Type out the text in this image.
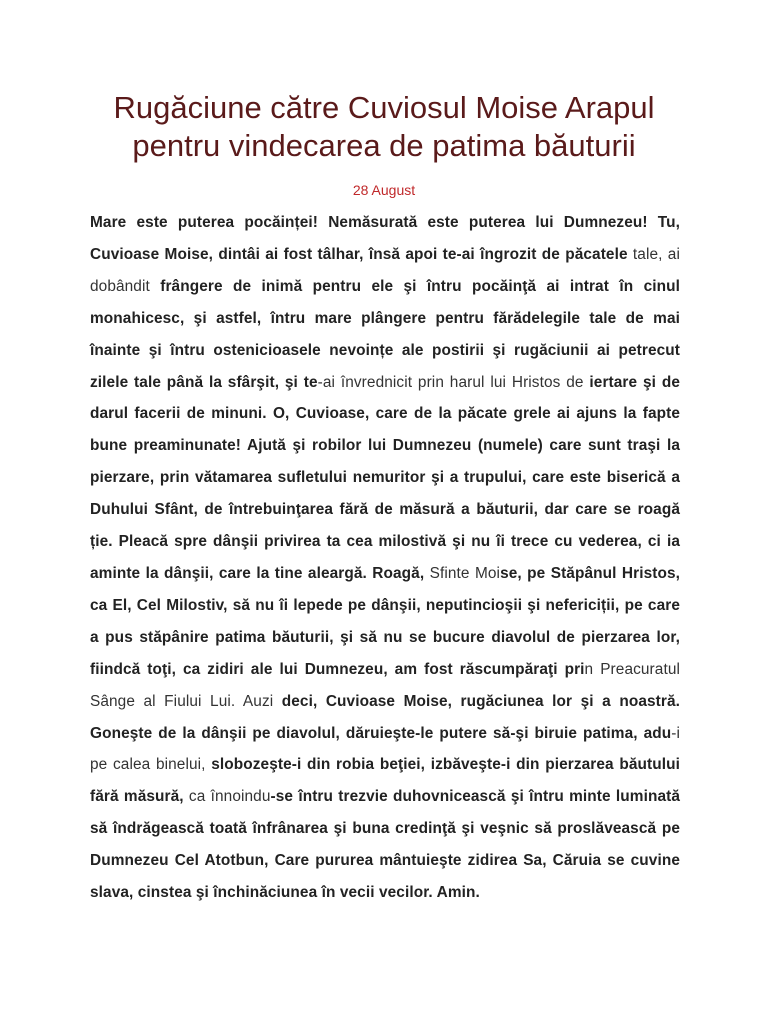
Rugăciune către Cuviosul Moise Arapul
pentru vindecarea de patima băuturii
28 August

Mare este puterea pocăinței! Nemăsurată este puterea lui Dumnezeu! Tu, Cuvioase Moise, dintâi ai fost tâlhar, însă apoi te-ai îngrozit de păcatele tale, ai dobândit frângere de inimă pentru ele şi întru pocăinţă ai intrat în cinul monahicesc, şi astfel, întru mare plângere pentru fărădelegile tale de mai înainte şi întru ostenicioasele nevoințe ale postirii şi rugăciunii ai petrecut zilele tale până la sfârşit, şi te-ai învrednicit prin harul lui Hristos de iertare şi de darul facerii de minuni. O, Cuvioase, care de la păcate grele ai ajuns la fapte bune preaminunate! Ajută şi robilor lui Dumnezeu (numele) care sunt traşi la pierzare, prin vătamarea sufletului nemuritor şi a trupului, care este biserică a Duhului Sfânt, de întrebuinţarea fără de măsură a băuturii, dar care se roagă ție. Pleacă spre dânşii privirea ta cea milostivă şi nu îi trece cu vederea, ci ia aminte la dânşii, care la tine aleargă. Roagă, Sfinte Moise, pe Stăpânul Hristos, ca El, Cel Milostiv, să nu îi lepede pe dânşii, neputincioşii şi nefericiții, pe care a pus stăpânire patima băuturii, şi să nu se bucure diavolul de pierzarea lor, fiindcă toţi, ca zidiri ale lui Dumnezeu, am fost răscumpăraţi prin Preacuratul Sânge al Fiului Lui. Auzi deci, Cuvioase Moise, rugăciunea lor şi a noastră. Goneşte de la dânşii pe diavolul, dăruieşte-le putere să-şi biruie patima, adu-i pe calea binelui, slobozeşte-i din robia beţiei, izbăveşte-i din pierzarea băutului fără măsură, ca înnoindu-se întru trezvie duhovnicească şi întru minte luminată să îndrăgească toată înfrânarea şi buna credinţă şi veşnic să proslăvească pe Dumnezeu Cel Atotbun, Care pururea mântuieşte zidirea Sa, Căruia se cuvine slava, cinstea şi închinăciunea în vecii vecilor. Amin.
